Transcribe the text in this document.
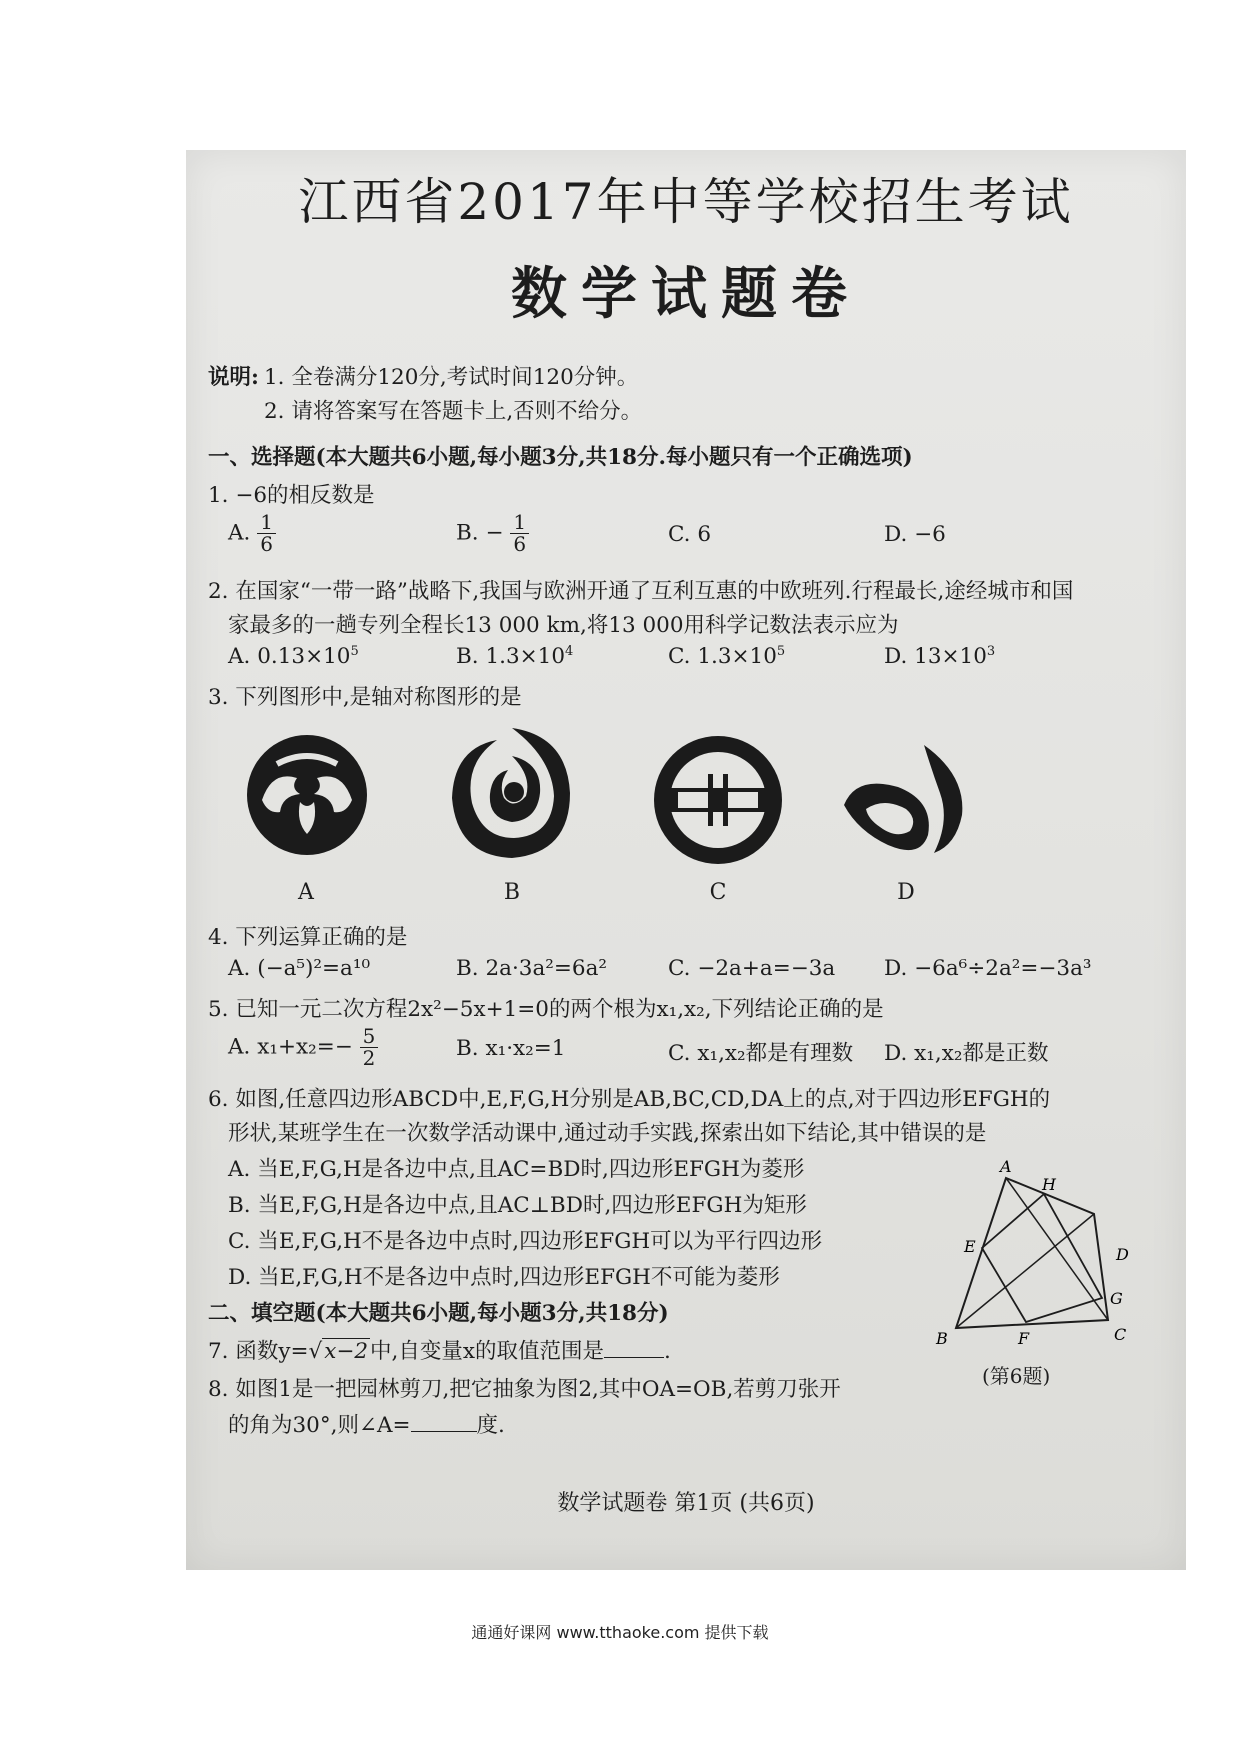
江西省2017年中等学校招生考试
数学试题卷
说明: 1. 全卷满分120分,考试时间120分钟。
2. 请将答案写在答题卡上,否则不给分。
一、选择题(本大题共6小题,每小题3分,共18分.每小题只有一个正确选项)
1. −6的相反数是
A. $\frac{1}{6}$	B. − $\frac{1}{6}$	C. 6	D. −6
2. 在国家“一带一路”战略下,我国与欧洲开通了互利互惠的中欧班列.行程最长,途经城市和国
家最多的一趟专列全程长13 000 km,将13 000用科学记数法表示应为
A. $0.13\times 10^5$	B. $1.3\times 10^4$	C. $1.3\times 10^5$	D. $13\times 10^3$
3. 下列图形中,是轴对称图形的是
A	B	C	D
4. 下列运算正确的是
A. (−a⁵)²=a¹⁰	B. 2a·3a²=6a²	C. −2a+a=−3a D. −6a⁶÷2a²=−3a³
5. 已知一元二次方程2x²−5x+1=0的两个根为x₁,x₂,下列结论正确的是
A. $x_1+x_2=- \frac{5}{2}$	B. x₁·x₂=1	C. x₁,x₂都是有理数 D. x₁,x₂都是正数
6. 如图,任意四边形ABCD中,E,F,G,H分别是AB,BC,CD,DA上的点,对于四边形EFGH的
形状,某班学生在一次数学活动课中,通过动手实践,探索出如下结论,其中错误的是
A. 当E,F,G,H是各边中点,且AC=BD时,四边形EFGH为菱形
B. 当E,F,G,H是各边中点,且AC⊥BD时,四边形EFGH为矩形
C. 当E,F,G,H不是各边中点时,四边形EFGH可以为平行四边形
D. 当E,F,G,H不是各边中点时,四边形EFGH不可能为菱形
A
H
E	D
G
B	F	C
(第6题)
二、填空题(本大题共6小题,每小题3分,共18分)
7. 函数y=√x−2中,自变量x的取值范围是	.
8. 如图1是一把园林剪刀,把它抽象为图2,其中OA=OB,若剪刀张开
的角为30°,则∠A=	度.
数学试题卷 第1页 (共6页)
通通好课网 www.tthaoke.com 提供下载
